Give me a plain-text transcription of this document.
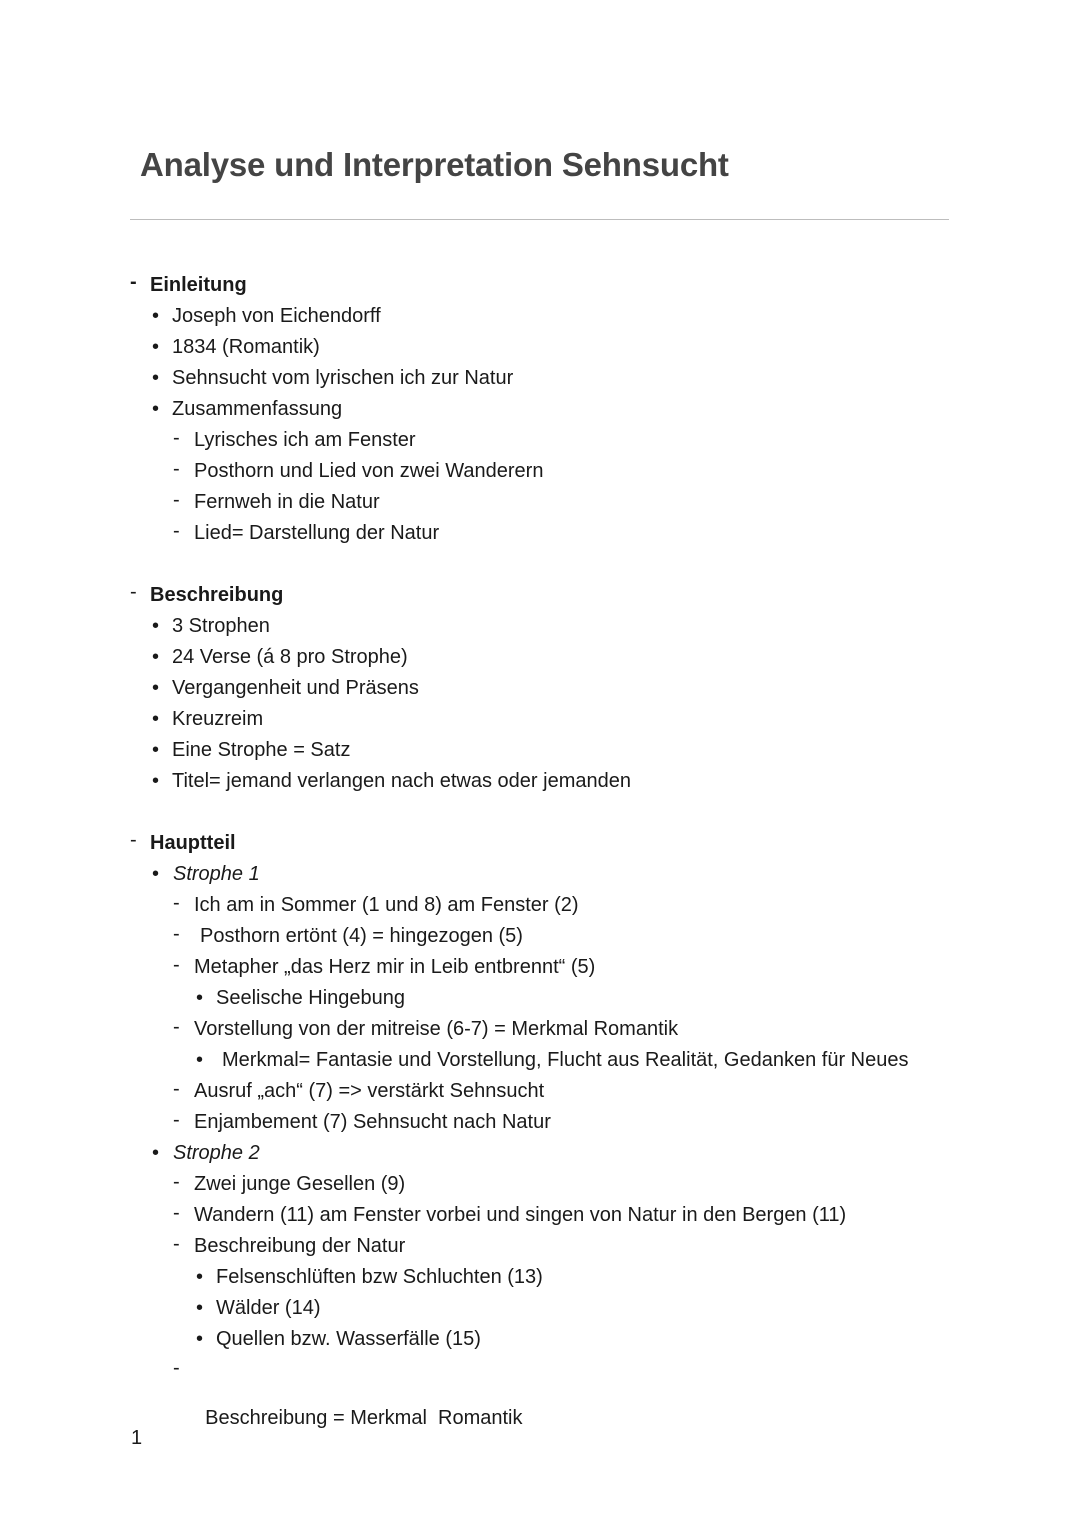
Analyse und Interpretation Sehnsucht
- Einleitung
• Joseph von Eichendorff
• 1834 (Romantik)
• Sehnsucht vom lyrischen ich zur Natur
• Zusammenfassung
- Lyrisches ich am Fenster
- Posthorn und Lied von zwei Wanderern
- Fernweh in die Natur
- Lied= Darstellung der Natur
- Beschreibung
• 3 Strophen
• 24 Verse (á 8 pro Strophe)
• Vergangenheit und Präsens
• Kreuzreim
• Eine Strophe = Satz
• Titel= jemand verlangen nach etwas oder jemanden
- Hauptteil
• Strophe 1
- Ich am in Sommer (1 und 8) am Fenster (2)
- Posthorn ertönt (4) = hingezogen (5)
- Metapher „das Herz mir in Leib entbrennt“ (5)
• Seelische Hingebung
- Vorstellung von der mitreise (6-7) = Merkmal Romantik
• Merkmal= Fantasie und Vorstellung, Flucht aus Realität, Gedanken für Neues
- Ausruf „ach“ (7) => verstärkt Sehnsucht
- Enjambement (7) Sehnsucht nach Natur
• Strophe 2
- Zwei junge Gesellen (9)
- Wandern (11) am Fenster vorbei und singen von Natur in den Bergen (11)
- Beschreibung der Natur
• Felsenschlüften bzw Schluchten (13)
• Wälder (14)
• Quellen bzw. Wasserfälle (15)

-

Beschreibung = Merkmal  Romantik

1
